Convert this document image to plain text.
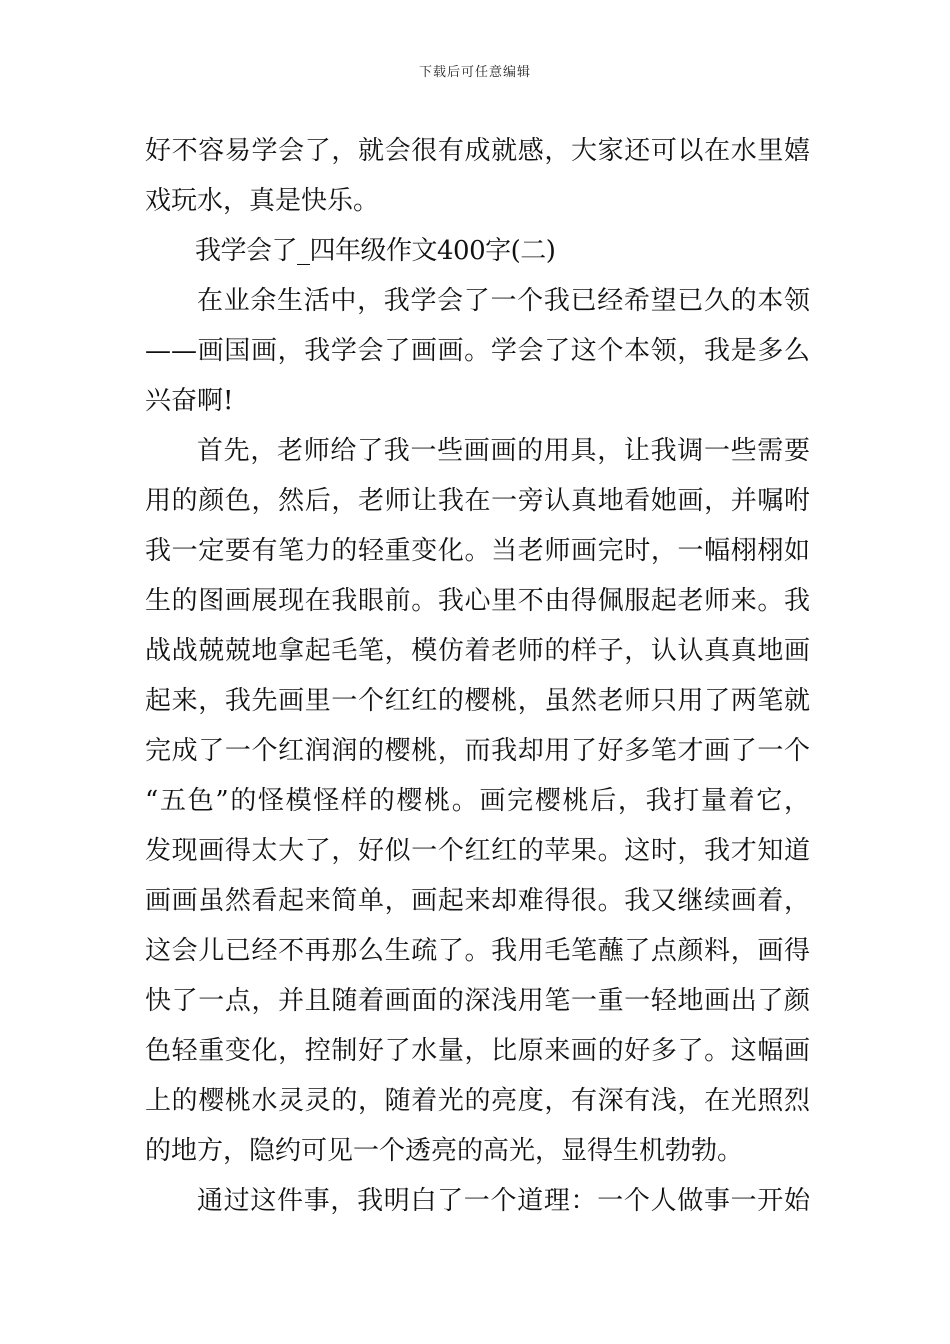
下载后可任意编辑
好不容易学会了，就会很有成就感，大家还可以在水里嬉
戏玩水，真是快乐。
我学会了_四年级作文400字(二)
在业余生活中，我学会了一个我已经希望已久的本领
——画国画，我学会了画画。学会了这个本领，我是多么
兴奋啊!
首先，老师给了我一些画画的用具，让我调一些需要
用的颜色，然后，老师让我在一旁认真地看她画，并嘱咐
我一定要有笔力的轻重变化。当老师画完时，一幅栩栩如
生的图画展现在我眼前。我心里不由得佩服起老师来。我
战战兢兢地拿起毛笔，模仿着老师的样子，认认真真地画
起来，我先画里一个红红的樱桃，虽然老师只用了两笔就
完成了一个红润润的樱桃，而我却用了好多笔才画了一个
“五色”的怪模怪样的樱桃。画完樱桃后，我打量着它，
发现画得太大了，好似一个红红的苹果。这时，我才知道
画画虽然看起来简单，画起来却难得很。我又继续画着，
这会儿已经不再那么生疏了。我用毛笔蘸了点颜料，画得
快了一点，并且随着画面的深浅用笔一重一轻地画出了颜
色轻重变化，控制好了水量，比原来画的好多了。这幅画
上的樱桃水灵灵的，随着光的亮度，有深有浅，在光照烈
的地方，隐约可见一个透亮的高光，显得生机勃勃。
通过这件事，我明白了一个道理：一个人做事一开始
